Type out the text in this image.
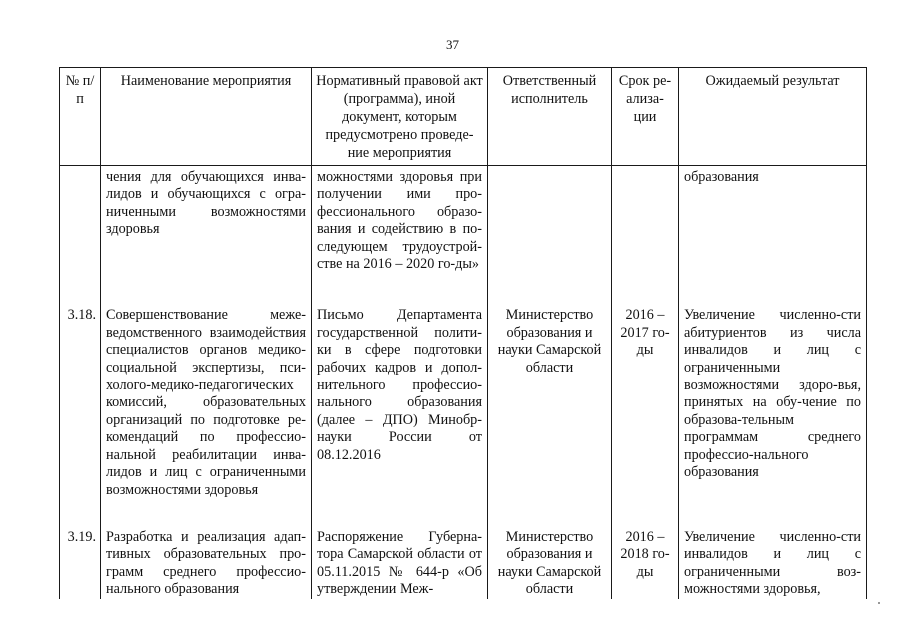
37
№ п/п	Наименование мероприятия	Нормативный правовой акт (программа), иной документ, которым предусмотрено проведе-ние мероприятия	Ответственный исполнитель	Срок ре-ализа-ции	Ожидаемый результат
	чения для обучающихся инва-лидов и обучающихся с огра-ниченными возможностями здоровья	можностями здоровья при получении ими про-фессионального образо-вания и содействию в по-следующем трудоустрой-стве на 2016 – 2020 го-ды»			образования
3.18.	Совершенствование меже-ведомственного взаимодействия специалистов органов медико-социальной экспертизы, пси-холого-медико-педагогических комиссий, образовательных организаций по подготовке ре-комендаций по профессио-нальной реабилитации инва-лидов и лиц с ограниченными возможностями здоровья	Письмо Департамента государственной полити-ки в сфере подготовки рабочих кадров и допол-нительного профессио-нального образования (далее – ДПО) Минобр-науки России от 08.12.2016	Министерство образования и науки Самарской области	2016 – 2017 го-ды	Увеличение численно-сти абитуриентов из числа инвалидов и лиц с ограниченными возможностями здоро-вья, принятых на обу-чение по образова-тельным программам среднего профессио-нального образования
3.19.	Разработка и реализация адап-тивных образовательных про-грамм среднего профессио-нального образования	Распоряжение Губерна-тора Самарской области от 05.11.2015 № 644-р «Об утверждении Меж-	Министерство образования и науки Самарской области	2016 – 2018 го-ды	Увеличение численно-сти инвалидов и лиц с ограниченными воз-можностями здоровья,
